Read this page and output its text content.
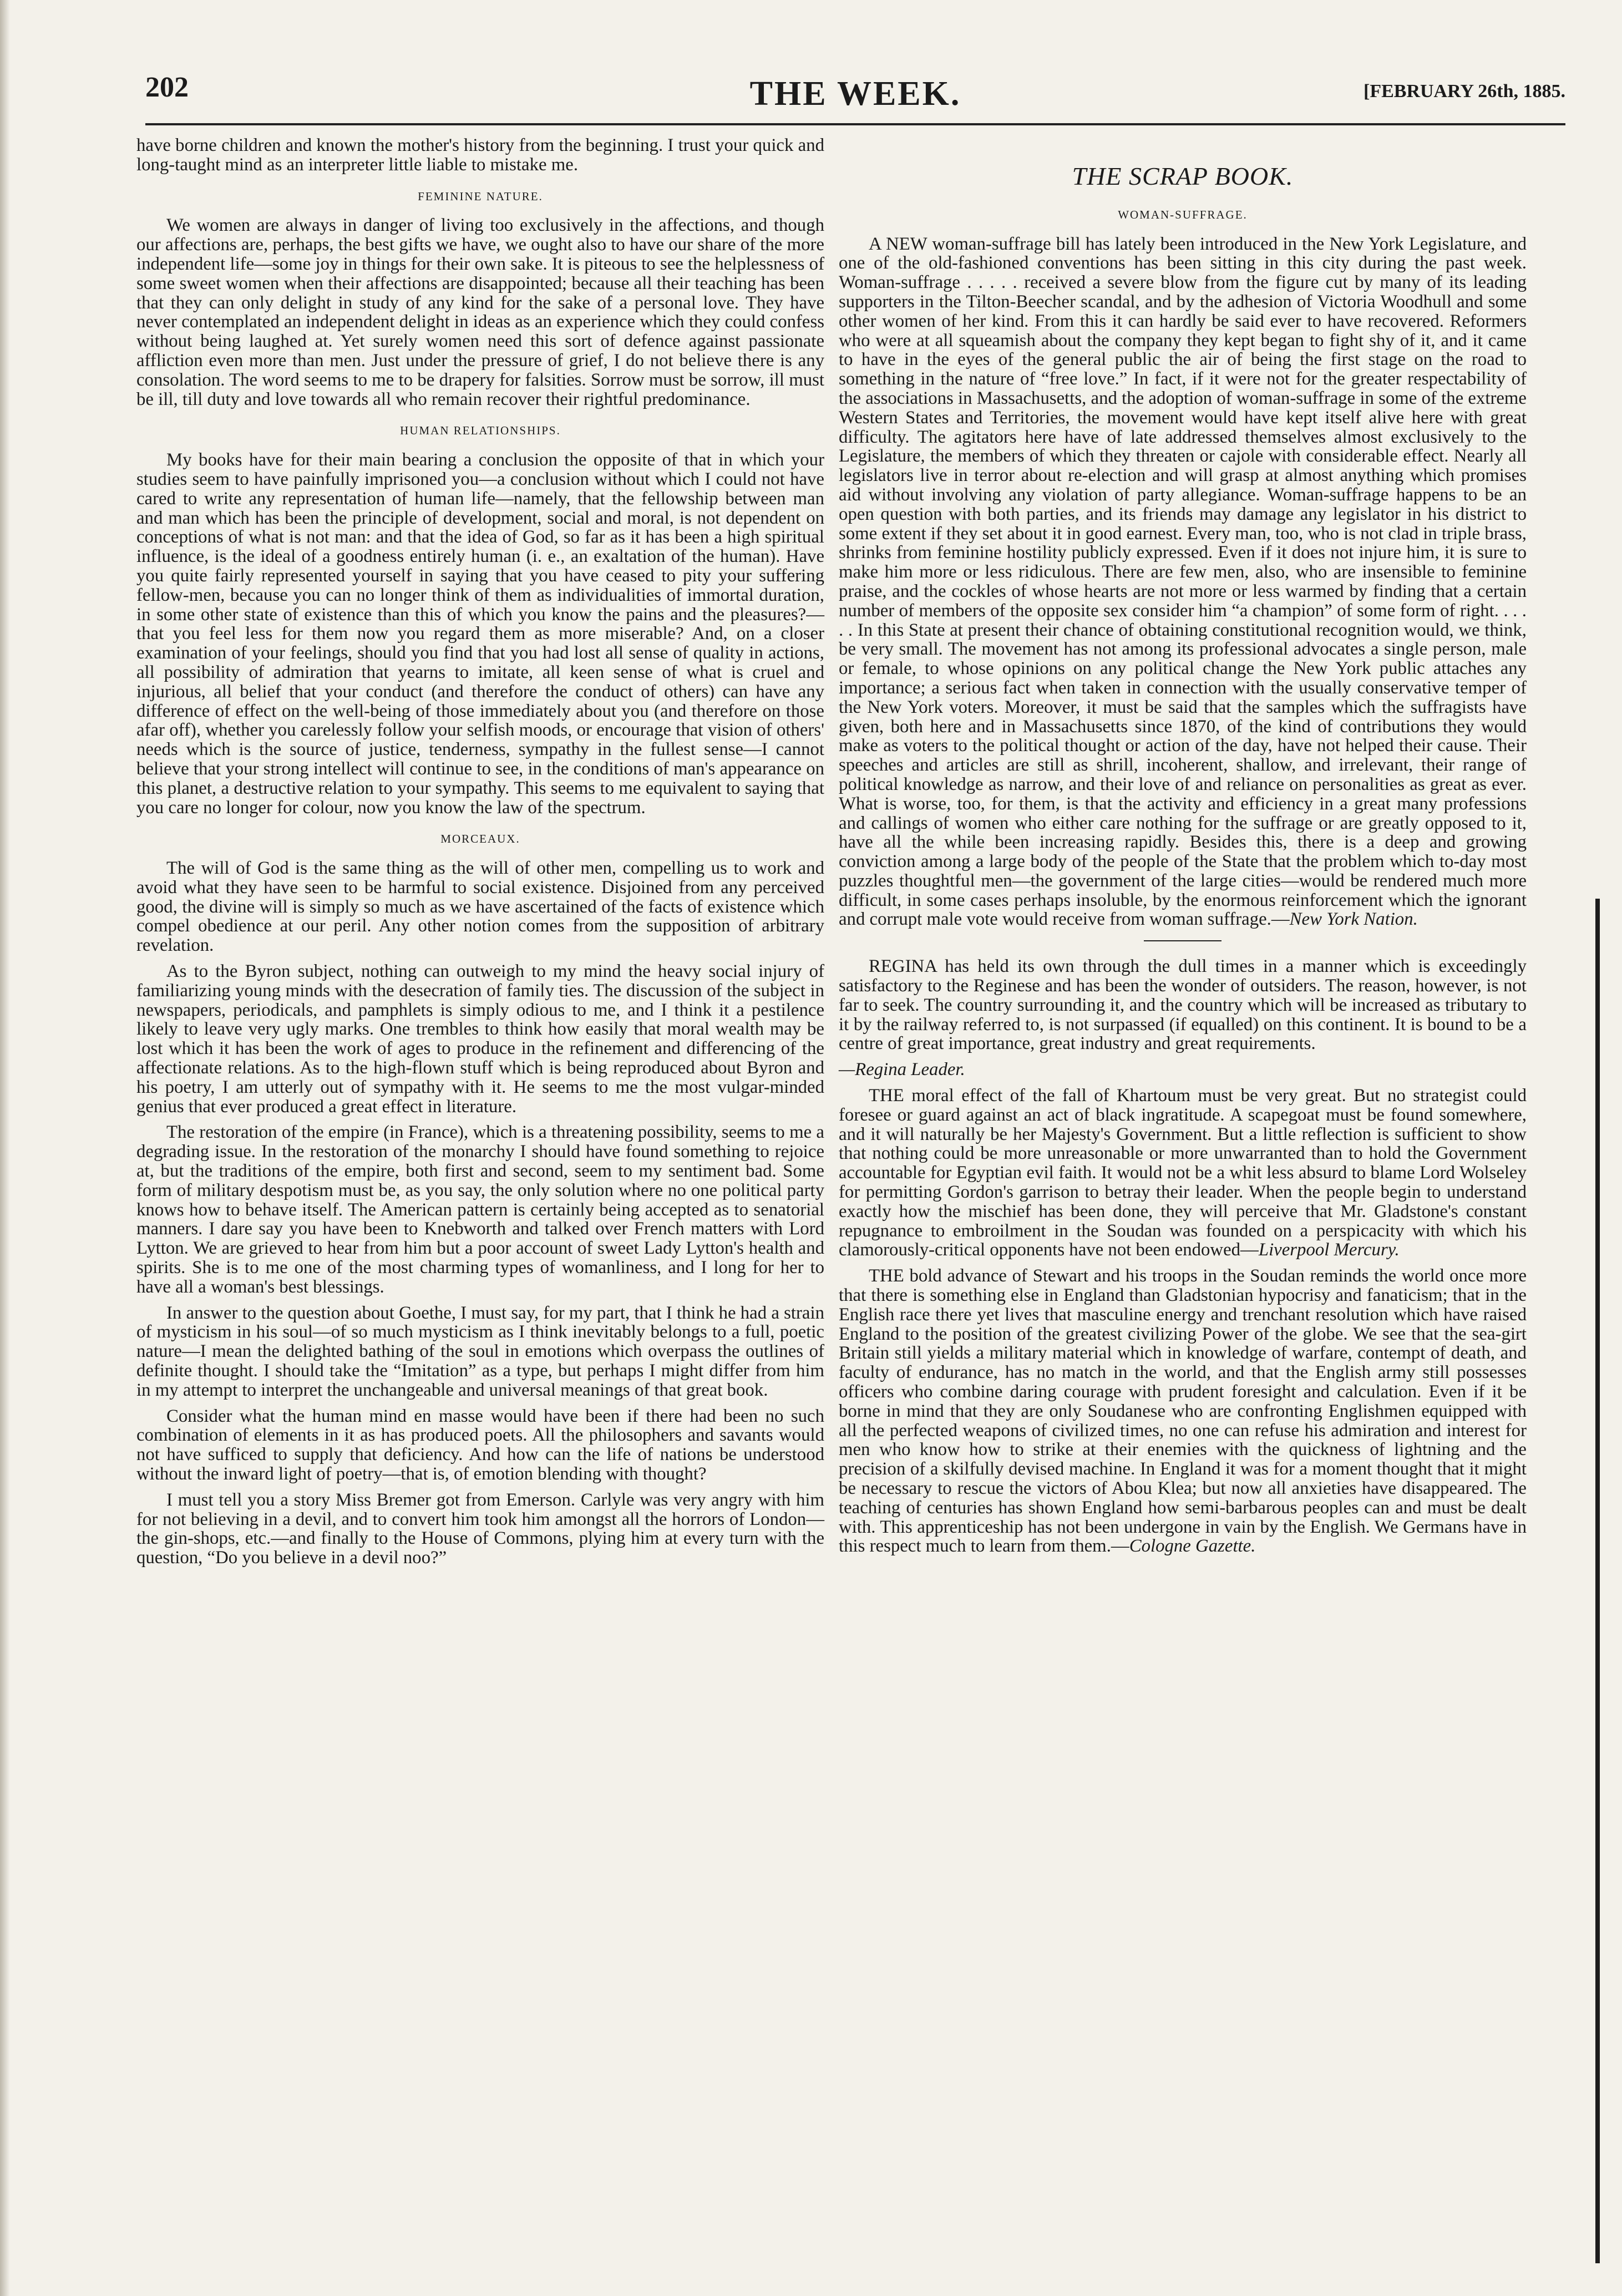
202	THE WEEK.	[FEBRUARY 26th, 1885.

have borne children and known the mother's history from the beginning. I trust your quick and long-taught mind as an interpreter little liable to mistake me.

FEMININE NATURE.

We women are always in danger of living too exclusively in the affections, and though our affections are, perhaps, the best gifts we have, we ought also to have our share of the more independent life—some joy in things for their own sake. It is piteous to see the helplessness of some sweet women when their affections are disappointed; because all their teaching has been that they can only delight in study of any kind for the sake of a personal love. They have never contemplated an independent delight in ideas as an experience which they could confess without being laughed at. Yet surely women need this sort of defence against passionate affliction even more than men. Just under the pressure of grief, I do not believe there is any consolation. The word seems to me to be drapery for falsities. Sorrow must be sorrow, ill must be ill, till duty and love towards all who remain recover their rightful predominance.

HUMAN RELATIONSHIPS.

My books have for their main bearing a conclusion the opposite of that in which your studies seem to have painfully imprisoned you—a conclusion without which I could not have cared to write any representation of human life—namely, that the fellowship between man and man which has been the principle of development, social and moral, is not dependent on conceptions of what is not man: and that the idea of God, so far as it has been a high spiritual influence, is the ideal of a goodness entirely human (i. e., an exaltation of the human). Have you quite fairly represented yourself in saying that you have ceased to pity your suffering fellow-men, because you can no longer think of them as individualities of immortal duration, in some other state of existence than this of which you know the pains and the pleasures?—that you feel less for them now you regard them as more miserable? And, on a closer examination of your feelings, should you find that you had lost all sense of quality in actions, all possibility of admiration that yearns to imitate, all keen sense of what is cruel and injurious, all belief that your conduct (and therefore the conduct of others) can have any difference of effect on the well-being of those immediately about you (and therefore on those afar off), whether you carelessly follow your selfish moods, or encourage that vision of others' needs which is the source of justice, tenderness, sympathy in the fullest sense—I cannot believe that your strong intellect will continue to see, in the conditions of man's appearance on this planet, a destructive relation to your sympathy. This seems to me equivalent to saying that you care no longer for colour, now you know the law of the spectrum.

MORCEAUX.

The will of God is the same thing as the will of other men, compelling us to work and avoid what they have seen to be harmful to social existence. Disjoined from any perceived good, the divine will is simply so much as we have ascertained of the facts of existence which compel obedience at our peril. Any other notion comes from the supposition of arbitrary revelation.

As to the Byron subject, nothing can outweigh to my mind the heavy social injury of familiarizing young minds with the desecration of family ties. The discussion of the subject in newspapers, periodicals, and pamphlets is simply odious to me, and I think it a pestilence likely to leave very ugly marks. One trembles to think how easily that moral wealth may be lost which it has been the work of ages to produce in the refinement and differencing of the affectionate relations. As to the high-flown stuff which is being reproduced about Byron and his poetry, I am utterly out of sympathy with it. He seems to me the most vulgar-minded genius that ever produced a great effect in literature.

The restoration of the empire (in France), which is a threatening possibility, seems to me a degrading issue. In the restoration of the monarchy I should have found something to rejoice at, but the traditions of the empire, both first and second, seem to my sentiment bad. Some form of military despotism must be, as you say, the only solution where no one political party knows how to behave itself. The American pattern is certainly being accepted as to senatorial manners. I dare say you have been to Knebworth and talked over French matters with Lord Lytton. We are grieved to hear from him but a poor account of sweet Lady Lytton's health and spirits. She is to me one of the most charming types of womanliness, and I long for her to have all a woman's best blessings.

In answer to the question about Goethe, I must say, for my part, that I think he had a strain of mysticism in his soul—of so much mysticism as I think inevitably belongs to a full, poetic nature—I mean the delighted bathing of the soul in emotions which overpass the outlines of definite thought. I should take the “Imitation” as a type, but perhaps I might differ from him in my attempt to interpret the unchangeable and universal meanings of that great book.

Consider what the human mind en masse would have been if there had been no such combination of elements in it as has produced poets. All the philosophers and savants would not have sufficed to supply that deficiency. And how can the life of nations be understood without the inward light of poetry—that is, of emotion blending with thought?

I must tell you a story Miss Bremer got from Emerson. Carlyle was very angry with him for not believing in a devil, and to convert him took him amongst all the horrors of London—the gin-shops, etc.—and finally to the House of Commons, plying him at every turn with the question, “Do you believe in a devil noo?”

THE SCRAP BOOK.
WOMAN-SUFFRAGE.

A NEW woman-suffrage bill has lately been introduced in the New York Legislature, and one of the old-fashioned conventions has been sitting in this city during the past week. Woman-suffrage . . . . . received a severe blow from the figure cut by many of its leading supporters in the Tilton-Beecher scandal, and by the adhesion of Victoria Woodhull and some other women of her kind. From this it can hardly be said ever to have recovered. Reformers who were at all squeamish about the company they kept began to fight shy of it, and it came to have in the eyes of the general public the air of being the first stage on the road to something in the nature of “free love.” In fact, if it were not for the greater respectability of the associations in Massachusetts, and the adoption of woman-suffrage in some of the extreme Western States and Territories, the movement would have kept itself alive here with great difficulty. The agitators here have of late addressed themselves almost exclusively to the Legislature, the members of which they threaten or cajole with considerable effect. Nearly all legislators live in terror about re-election and will grasp at almost anything which promises aid without involving any violation of party allegiance. Woman-suffrage happens to be an open question with both parties, and its friends may damage any legislator in his district to some extent if they set about it in good earnest. Every man, too, who is not clad in triple brass, shrinks from feminine hostility publicly expressed. Even if it does not injure him, it is sure to make him more or less ridiculous. There are few men, also, who are insensible to feminine praise, and the cockles of whose hearts are not more or less warmed by finding that a certain number of members of the opposite sex consider him “a champion” of some form of right. . . . . . In this State at present their chance of obtaining constitutional recognition would, we think, be very small. The movement has not among its professional advocates a single person, male or female, to whose opinions on any political change the New York public attaches any importance; a serious fact when taken in connection with the usually conservative temper of the New York voters. Moreover, it must be said that the samples which the suffragists have given, both here and in Massachusetts since 1870, of the kind of contributions they would make as voters to the political thought or action of the day, have not helped their cause. Their speeches and articles are still as shrill, incoherent, shallow, and irrelevant, their range of political knowledge as narrow, and their love of and reliance on personalities as great as ever. What is worse, too, for them, is that the activity and efficiency in a great many professions and callings of women who either care nothing for the suffrage or are greatly opposed to it, have all the while been increasing rapidly. Besides this, there is a deep and growing conviction among a large body of the people of the State that the problem which to-day most puzzles thoughtful men—the government of the large cities—would be rendered much more difficult, in some cases perhaps insoluble, by the enormous reinforcement which the ignorant and corrupt male vote would receive from woman suffrage.—New York Nation.

REGINA has held its own through the dull times in a manner which is exceedingly satisfactory to the Reginese and has been the wonder of outsiders. The reason, however, is not far to seek. The country surrounding it, and the country which will be increased as tributary to it by the railway referred to, is not surpassed (if equalled) on this continent. It is bound to be a centre of great importance, great industry and great requirements.

—Regina Leader.

THE moral effect of the fall of Khartoum must be very great. But no strategist could foresee or guard against an act of black ingratitude. A scapegoat must be found somewhere, and it will naturally be her Majesty's Government. But a little reflection is sufficient to show that nothing could be more unreasonable or more unwarranted than to hold the Government accountable for Egyptian evil faith. It would not be a whit less absurd to blame Lord Wolseley for permitting Gordon's garrison to betray their leader. When the people begin to understand exactly how the mischief has been done, they will perceive that Mr. Gladstone's constant repugnance to embroilment in the Soudan was founded on a perspicacity with which his clamorously-critical opponents have not been endowed—Liverpool Mercury.

THE bold advance of Stewart and his troops in the Soudan reminds the world once more that there is something else in England than Gladstonian hypocrisy and fanaticism; that in the English race there yet lives that masculine energy and trenchant resolution which have raised England to the position of the greatest civilizing Power of the globe. We see that the sea-girt Britain still yields a military material which in knowledge of warfare, contempt of death, and faculty of endurance, has no match in the world, and that the English army still possesses officers who combine daring courage with prudent foresight and calculation. Even if it be borne in mind that they are only Soudanese who are confronting Englishmen equipped with all the perfected weapons of civilized times, no one can refuse his admiration and interest for men who know how to strike at their enemies with the quickness of lightning and the precision of a skilfully devised machine. In England it was for a moment thought that it might be necessary to rescue the victors of Abou Klea; but now all anxieties have disappeared. The teaching of centuries has shown England how semi-barbarous peoples can and must be dealt with. This apprenticeship has not been undergone in vain by the English. We Germans have in this respect much to learn from them.—Cologne Gazette.
